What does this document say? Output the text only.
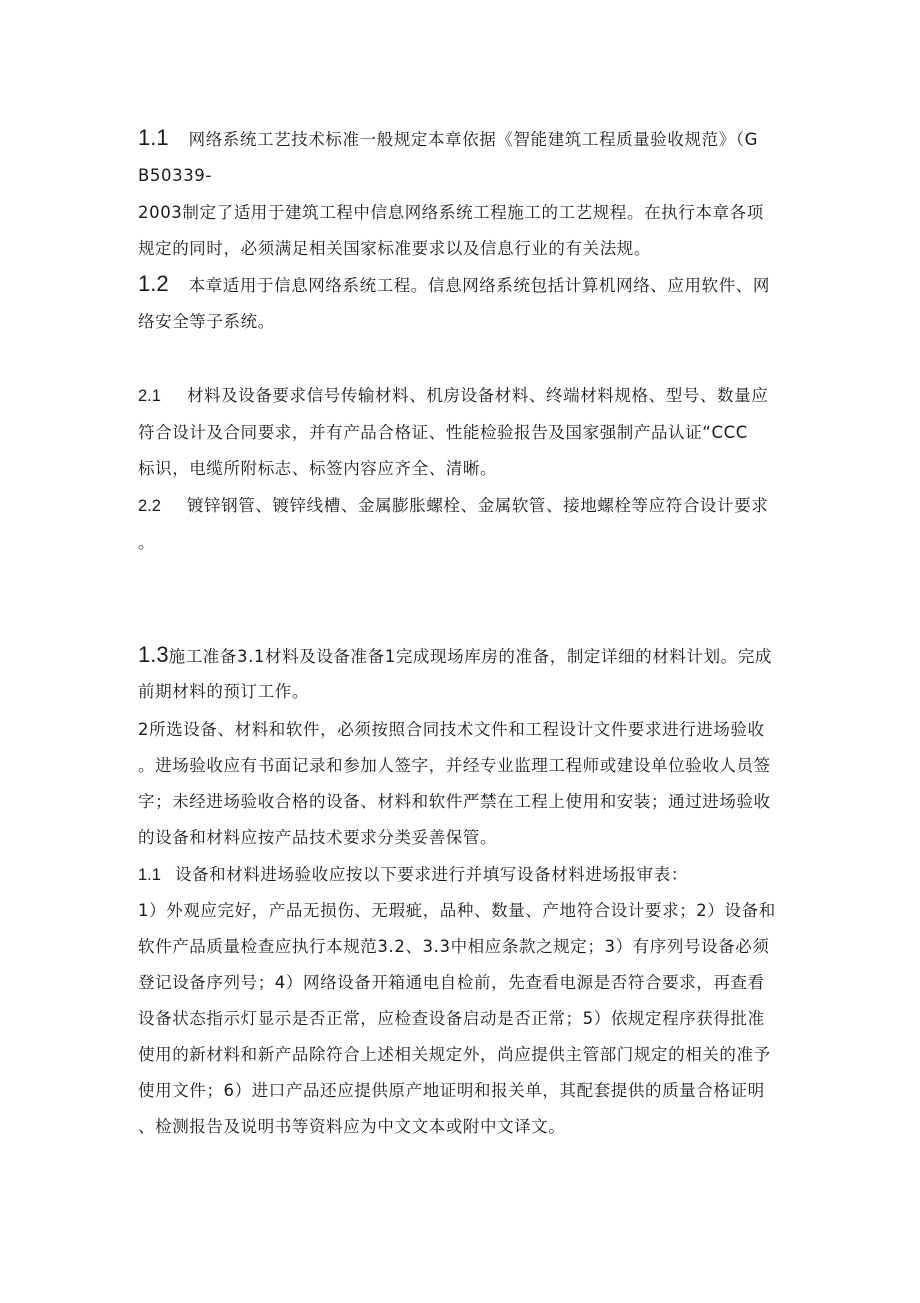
1.1 网络系统工艺技术标准一般规定本章依据《智能建筑工程质量验收规范》（G
B50339-
2003制定了适用于建筑工程中信息网络系统工程施工的工艺规程。在执行本章各项
规定的同时，必须满足相关国家标准要求以及信息行业的有关法规。
1.2 本章适用于信息网络系统工程。信息网络系统包括计算机网络、应用软件、网
络安全等子系统。
2.1 材料及设备要求信号传输材料、机房设备材料、终端材料规格、型号、数量应
符合设计及合同要求，并有产品合格证、性能检验报告及国家强制产品认证“CCC
标识，电缆所附标志、标签内容应齐全、清晰。
2.2 镀锌钢管、镀锌线槽、金属膨胀螺栓、金属软管、接地螺栓等应符合设计要求
。
1.3施工准备3.1材料及设备准备1完成现场库房的准备，制定详细的材料计划。完成
前期材料的预订工作。
2所选设备、材料和软件，必须按照合同技术文件和工程设计文件要求进行进场验收
。进场验收应有书面记录和参加人签字，并经专业监理工程师或建设单位验收人员签
字；未经进场验收合格的设备、材料和软件严禁在工程上使用和安装；通过进场验收
的设备和材料应按产品技术要求分类妥善保管。
1.1 设备和材料进场验收应按以下要求进行并填写设备材料进场报审表：
1）外观应完好，产品无损伤、无瑕疵，品种、数量、产地符合设计要求；2）设备和
软件产品质量检查应执行本规范3.2、3.3中相应条款之规定；3）有序列号设备必须
登记设备序列号；4）网络设备开箱通电自检前，先查看电源是否符合要求，再查看
设备状态指示灯显示是否正常，应检查设备启动是否正常；5）依规定程序获得批准
使用的新材料和新产品除符合上述相关规定外，尚应提供主管部门规定的相关的准予
使用文件；6）进口产品还应提供原产地证明和报关单，其配套提供的质量合格证明
、检测报告及说明书等资料应为中文文本或附中文译文。
